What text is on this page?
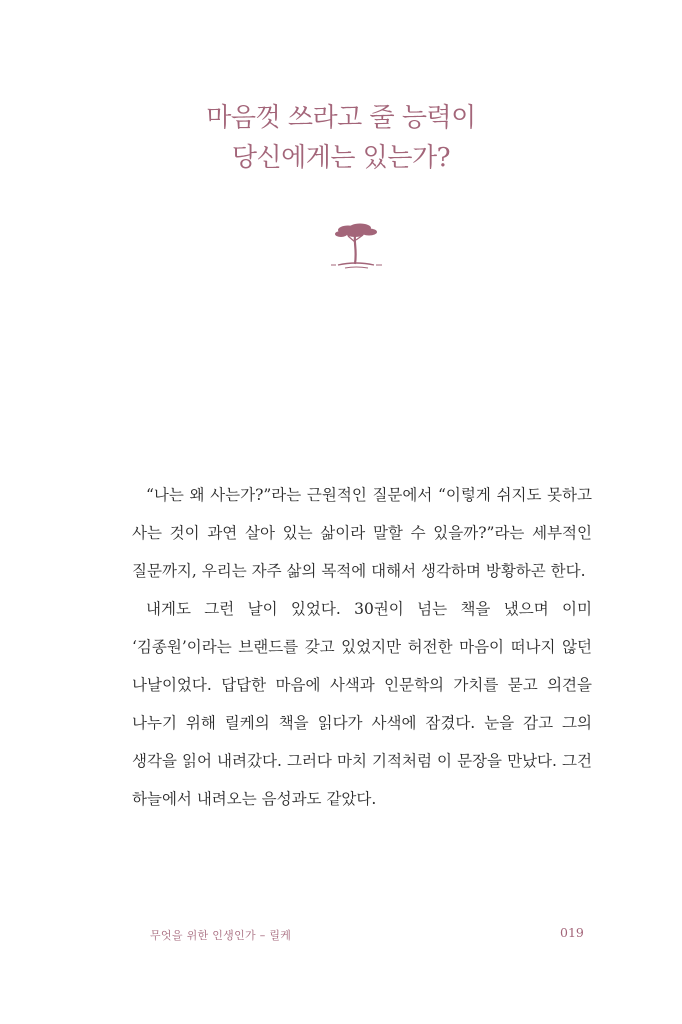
마음껏 쓰라고 줄 능력이
당신에게는 있는가?

“나는 왜 사는가?”라는 근원적인 질문에서 “이렇게 쉬지도 못하고 사는 것이 과연 살아 있는 삶이라 말할 수 있을까?”라는 세부적인 질문까지, 우리는 자주 삶의 목적에 대해서 생각하며 방황하곤 한다.

내게도 그런 날이 있었다. 30권이 넘는 책을 냈으며 이미 ‘김종원’이라는 브랜드를 갖고 있었지만 허전한 마음이 떠나지 않던 나날이었다. 답답한 마음에 사색과 인문학의 가치를 묻고 의견을 나누기 위해 릴케의 책을 읽다가 사색에 잠겼다. 눈을 감고 그의 생각을 읽어 내려갔다. 그러다 마치 기적처럼 이 문장을 만났다. 그건 하늘에서 내려오는 음성과도 같았다.

무엇을 위한 인생인가 – 릴케	019
